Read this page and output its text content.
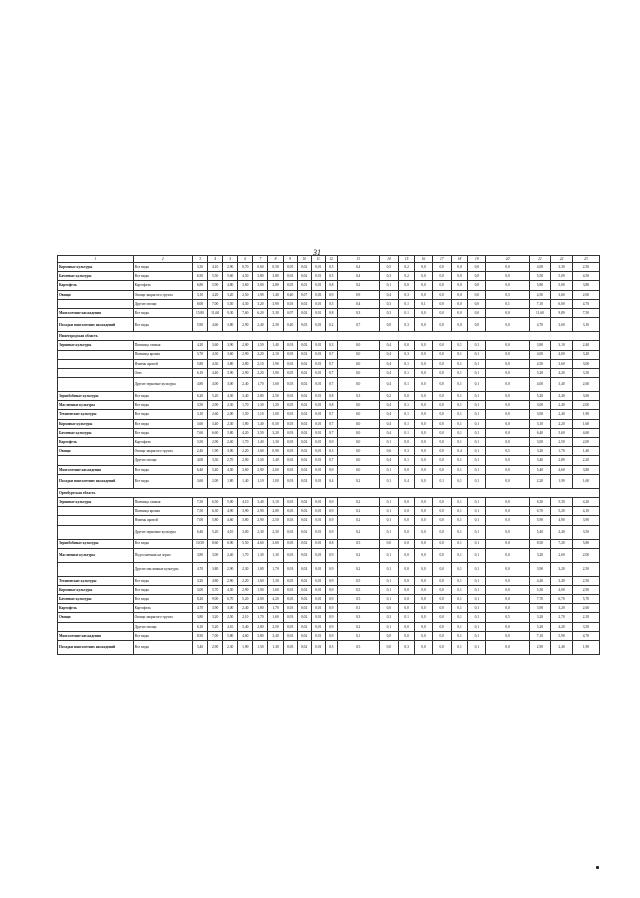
31
1	2	3	4	5	6	7	8	9	10	11	12	13	14	15	16	17	18	19	20	21	22	23
Кормовые культуры	Все виды	3,30	4,10	2,90	0,70	0,60	0,50	0,05	0,02	0,01	0,5	0,4	0,5	0,2	0,0	0,0	0,0	0,0	0,0	4,00	3,30	2,50
Бахчевые культуры	Все виды	6,50	5,50	5,60	4,50	3,80	3,80	0,03	0,02	0,01	0,5	0,4	0,3	0,2	0,0	0,0	0,0	0,0	0,0	5,50	5,00	4,50
Картофель	Картофель	6,80	5,90	4,80	3,60	3,00	2,80	0,03	0,01	0,01	0,8	0,2	0,1	0,0	0,0	0,0	0,0	0,0	0,0	5,80	5,00	3,80
Овощи	Овощи закрытого грунта	3,10	4,20	3,20	2,50	1,90	1,40	0,40	0,07	0,03	0,9	0,9	0,4	0,3	0,0	0,0	0,0	0,0	0,5	4,50	3,60	2,00
	Другие овощи	8,00	7,00	5,50	4,30	3,20	3,90	0,03	0,02	0,01	0,5	0,4	0,3	0,1	0,1	0,0	0,0	0,0	0,1	7,10	6,00	4,70
Многолетние насаждения	Все виды	15,80	11,60	9,30	7,60	6,20	5,30	0,07	0,02	0,01	0,8	0,3	0,3	0,1	0,0	0,0	0,0	0,0	0,0	11,60	9,80	7,50
Посадки многолетних насаждений	Все виды	5,90	4,60	3,80	2,90	2,40	2,30	0,40	0,03	0,01	0,2	0,7	0,0	0,3	0,0	0,0	0,0	0,0	0,0	4,70	3,60	3,10
Нижегородская область																						
Зерновые культуры	Пшеница озимая	4,20	3,60	3,90	2,00	1,50	1,40	0,03	0,02	0,01	0,3	0,0	0,4	0,0	0,0	0,0	0,1	0,1	0,0	3,80	3,10	2,40
	Пшеница яровая	3,70	4,30	3,60	2,90	2,20	2,10	0,03	0,02	0,01	0,7	0,0	0,4	0,3	0,0	0,0	0,1	0,1	0,0	4,00	4,00	3,20
	Ячмень яровой	5,80	4,30	3,80	2,80	2,10	1,90	0,03	0,02	0,01	0,7	0,0	0,4	0,1	0,0	0,0	0,1	0,1	0,0	4,50	3,60	3,00
	Овес	6,10	4,40	3,90	2,90	2,20	1,90	0,03	0,02	0,01	0,7	0,0	0,4	0,1	0,0	0,0	0,1	0,1	0,0	5,20	4,20	3,30
	Другие зерновые культуры	4,80	4,00	3,00	2,40	1,70	1,60	0,03	0,02	0,01	0,7	0,0	0,4	0,1	0,0	0,0	0,1	0,1	0,0	4,00	3,40	2,60
Зернобобовые культуры	Все виды	6,20	5,20	4,30	3,40	2,80	2,50	0,03	0,02	0,01	0,8	0,3	0,2	0,0	0,0	0,0	0,1	0,1	0,0	5,20	4,40	3,60
Масличные культуры	Все виды	3,50	2,90	2,30	1,70	1,30	1,20	0,03	0,02	0,01	0,8	0,0	0,4	0,1	0,0	0,0	0,1	0,1	0,0	3,00	2,40	2,00
Технические культуры	Все виды	3,10	2,60	2,00	1,50	1,10	1,00	0,03	0,02	0,01	0,7	0,0	0,4	0,1	0,0	0,0	0,1	0,1	0,0	3,00	2,40	1,90
Кормовые культуры	Все виды	3,60	3,40	2,30	1,80	1,40	0,50	0,03	0,02	0,01	0,7	0,0	0,4	0,1	0,0	0,0	0,1	0,1	0,0	3,10	2,20	1,60
Бахчевые культуры	Все виды	7,60	6,60	5,80	4,20	3,50	3,20	0,03	0,02	0,01	0,7	0,0	0,4	0,1	0,0	0,0	0,1	0,1	0,0	6,40	5,60	4,60
Картофель	Картофель	3,50	2,90	2,40	1,70	1,40	1,30	0,03	0,02	0,01	0,9	0,0	0,1	0,0	0,0	0,0	0,1	0,1	0,0	3,00	2,50	2,00
Овощи	Овощи закрытого грунта	2,40	1,90	3,00	2,20	1,60	0,90	0,03	0,02	0,01	0,3	0,0	0,6	0,3	0,0	0,0	0,4	0,1	0,5	3,20	1,70	1,40
	Другие овощи	4,00	3,30	2,70	2,00	1,50	1,40	0,03	0,02	0,01	0,7	0,0	0,4	0,1	0,0	0,0	0,1	0,1	0,0	3,40	2,80	2,20
Многолетние насаждения	Все виды	6,40	5,40	4,50	3,60	2,90	2,60	0,03	0,02	0,01	0,9	0,0	0,1	0,0	0,0	0,0	0,1	0,1	0,0	5,40	4,60	3,80
Посадки многолетних насаждений	Все виды	3,60	2,00	1,80	1,40	1,10	1,00	0,03	0,02	0,01	0,4	0,2	0,1	0,4	0,0	0,1	0,1	0,1	0,0	2,20	1,90	1,60
Оренбургская область																						
Зерновые культуры	Пшеница озимая	7,50	6,30	5,00	4,10	3,40	3,10	0,03	0,02	0,01	0,9	0,2	0,1	0,0	0,0	0,0	0,1	0,1	0,0	6,30	5,30	4,20
	Пшеница яровая	7,50	6,30	4,90	3,90	2,90	2,80	0,03	0,02	0,01	0,9	0,2	0,1	0,0	0,0	0,0	0,1	0,1	0,0	6,70	5,20	4,10
	Ячмень яровой	7,00	5,80	4,60	3,80	2,90	2,50	0,03	0,02	0,01	0,9	0,2	0,1	0,0	0,0	0,0	0,1	0,1	0,0	5,90	4,90	3,90
	Другие зерновые культуры	6,40	5,20	4,10	3,00	2,30	2,30	0,03	0,02	0,01	0,9	0,2	0,1	0,0	0,0	0,0	0,1	0,1	0,0	5,40	4,40	3,50
Зернобобовые культуры	Все виды	10,50	8,60	6,90	5,50	4,60	3,60	0,03	0,02	0,01	0,8	0,5	0,0	0,0	0,0	0,0	0,1	0,1	0,0	8,50	7,20	5,80
Масличные культуры	Подсолнечник на зерно	3,80	3,00	2,40	1,70	1,30	1,30	0,03	0,02	0,01	0,9	0,2	0,1	0,0	0,0	0,0	0,1	0,1	0,0	3,20	2,60	2,00
	Другие масличные культуры	4,70	3,80	2,90	2,30	1,80	1,70	0,03	0,02	0,01	0,9	0,2	0,1	0,0	0,0	0,0	0,1	0,1	0,0	3,90	3,20	2,50
Технические культуры	Все виды	3,20	4,80	2,90	2,20	1,60	1,30	0,03	0,02	0,01	0,9	0,5	0,1	0,0	0,0	0,0	0,1	0,1	0,0	4,40	3,40	2,50
Кормовые культуры	Все виды	3,00	5,70	4,50	2,90	1,90	1,60	0,03	0,02	0,01	0,9	0,5	0,1	0,0	0,0	0,0	0,1	0,1	0,0	5,30	4,00	2,90
Бахчевые культуры	Все виды	8,20	9,00	6,70	5,20	4,00	4,20	0,03	0,02	0,01	0,9	0,5	0,1	0,0	0,0	0,0	0,1	0,1	0,0	7,70	6,70	5,70
Картофель	Картофель	4,70	3,90	3,00	2,40	1,80	1,70	0,03	0,02	0,01	0,9	0,1	0,0	0,0	0,0	0,0	0,1	0,1	0,0	3,90	3,20	2,60
Овощи	Овощи закрытого грунта	3,80	3,20	2,50	2,10	1,70	1,60	0,03	0,02	0,01	0,9	0,3	0,3	0,1	0,0	0,0	0,1	0,1	0,5	3,20	2,70	2,10
	Другие овощи	6,10	5,20	4,10	3,40	2,80	2,50	0,03	0,02	0,01	0,9	0,2	0,1	0,0	0,0	0,0	0,1	0,1	0,0	5,20	4,20	3,50
Многолетние насаждения	Все виды	8,50	7,00	5,80	4,60	3,80	3,40	0,03	0,02	0,01	0,9	0,1	0,0	0,0	0,0	0,0	0,1	0,1	0,0	7,10	5,90	4,70
Посадки многолетних насаждений	Все виды	3,40	2,90	2,30	1,90	1,50	1,30	0,03	0,02	0,01	0,5	0,5	0,0	0,3	0,0	0,0	0,1	0,1	0,0	2,90	2,40	1,90
